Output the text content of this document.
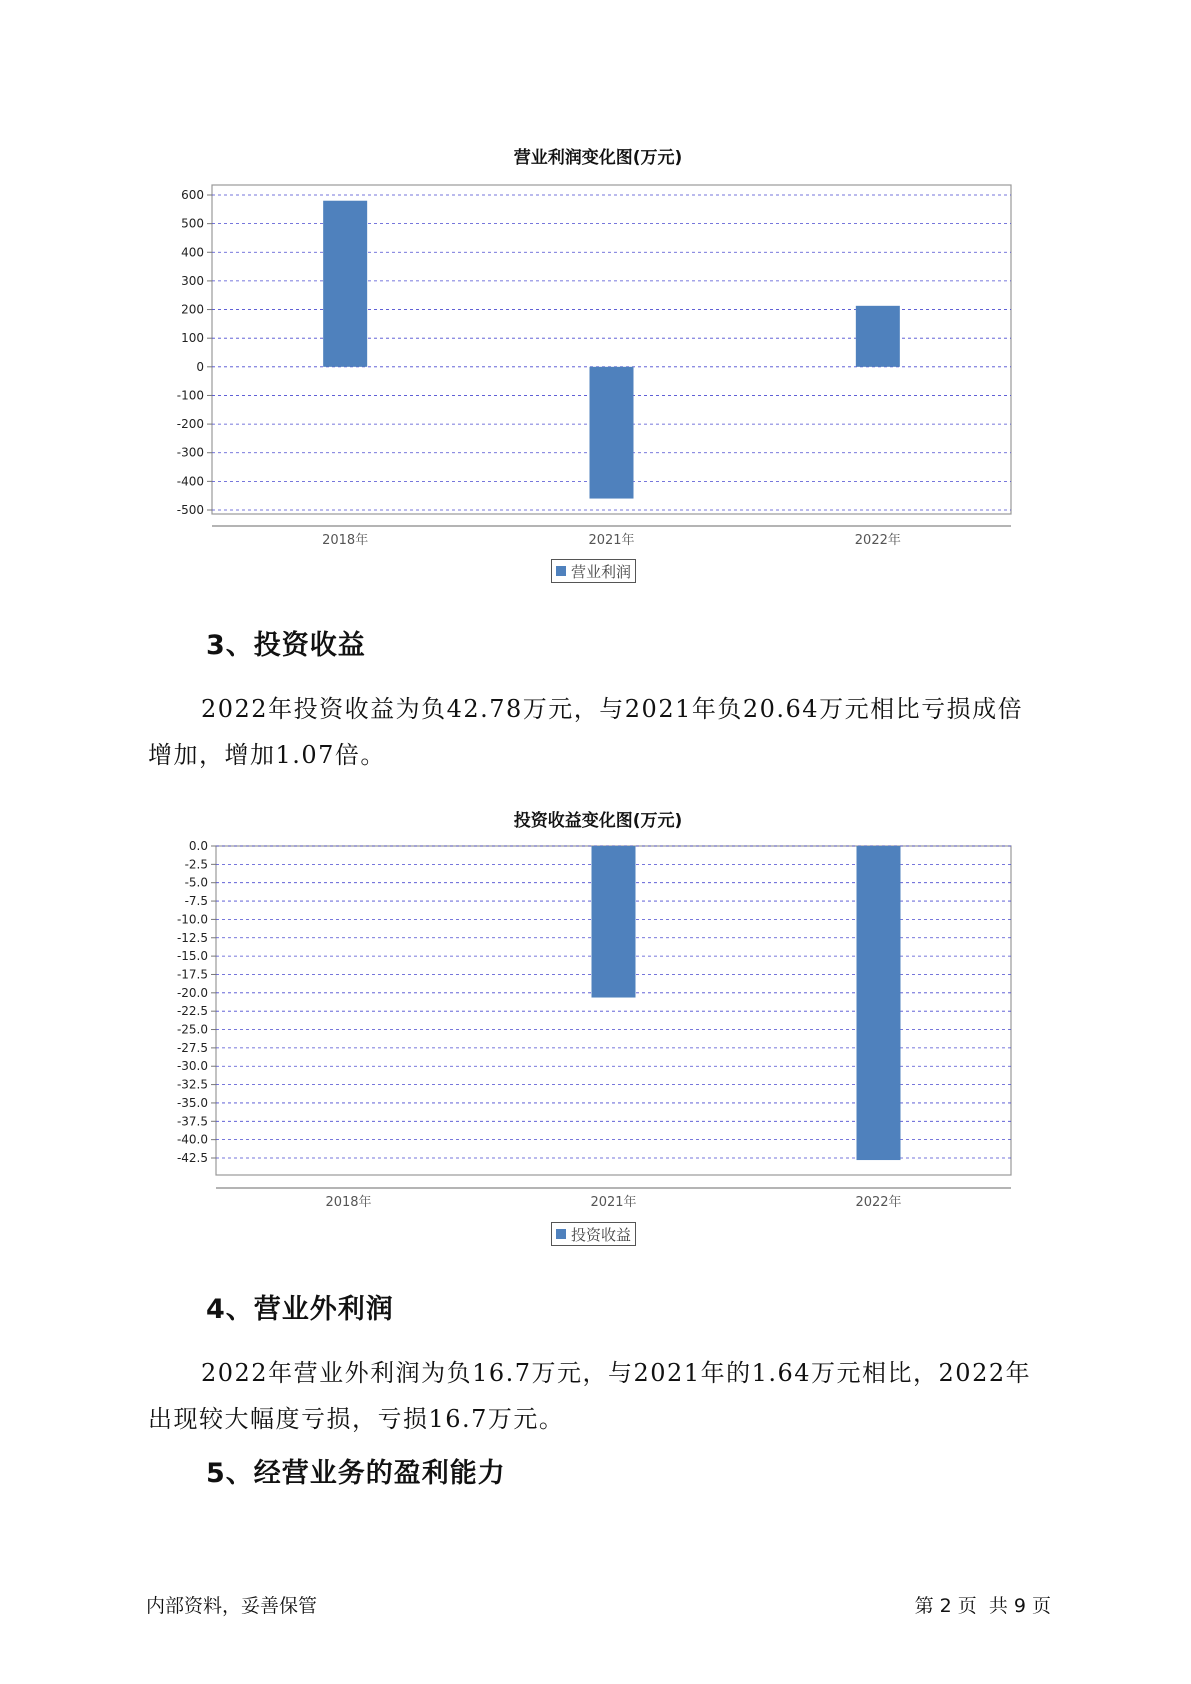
营业利润变化图(万元)
600
500
400
300
200
100
0
-100
-200
-300
-400
-500
2018年	2021年	2022年
营业利润
3、投资收益

2022年投资收益为负42.78万元，与2021年负20.64万元相比亏损成倍增加，增加1.07倍。

投资收益变化图(万元)
0.0
-2.5
-5.0
-7.5
-10.0
-12.5
-15.0
-17.5
-20.0
-22.5
-25.0
-27.5
-30.0
-32.5
-35.0
-37.5
-40.0
-42.5
2018年	2021年	2022年
投资收益
4、营业外利润

2022年营业外利润为负16.7万元，与2021年的1.64万元相比，2022年出现较大幅度亏损，亏损16.7万元。

5、经营业务的盈利能力
内部资料，妥善保管	第 2 页  共 9 页
